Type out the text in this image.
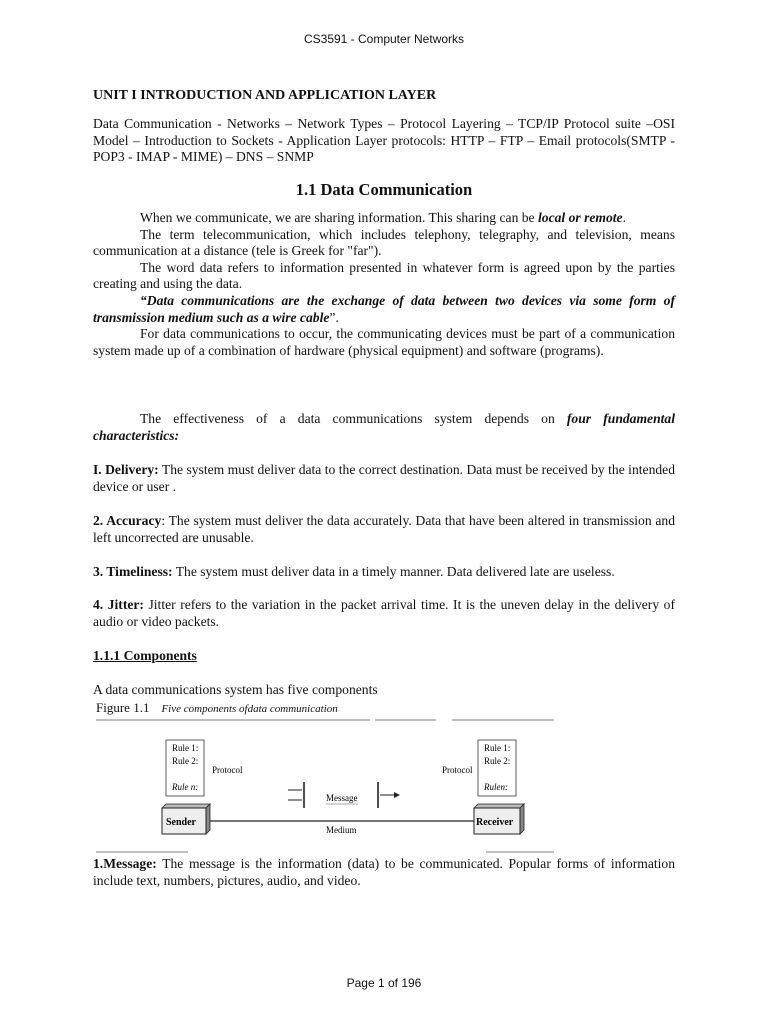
CS3591 - Computer Networks
UNIT I INTRODUCTION AND APPLICATION LAYER
Data Communication - Networks – Network Types – Protocol Layering – TCP/IP Protocol suite –OSI Model – Introduction to Sockets - Application Layer protocols: HTTP – FTP – Email protocols(SMTP - POP3 - IMAP - MIME) – DNS – SNMP
1.1 Data Communication

When we communicate, we are sharing information. This sharing can be local or remote.

The term telecommunication, which includes telephony, telegraphy, and television, means communication at a distance (tele is Greek for "far").

The word data refers to information presented in whatever form is agreed upon by the parties creating and using the data.

“Data communications are the exchange of data between two devices via some form of transmission medium such as a wire cable”.

For data communications to occur, the communicating devices must be part of a communication system made up of a combination of hardware (physical equipment) and software (programs).

The effectiveness of a data communications system depends on four fundamental characteristics:

I. Delivery: The system must deliver data to the correct destination. Data must be received by the intended device or user .
2. Accuracy: The system must deliver the data accurately. Data that have been altered in transmission and left uncorrected are unusable.
3. Timeliness: The system must deliver data in a timely manner. Data delivered late are useless.
4. Jitter: Jitter refers to the variation in the packet arrival time. It is the uneven delay in the delivery of audio or video packets.
1.1.1 Components
A data communications system has five components
Figure 1.1 Five components ofdata communication
Rule 1:
Rule 2:
Rule n:
Protocol
Rule 1:
Rule 2:
Rulen:
Protocol
Message
Medium
Sender	Receiver
1.Message: The message is the information (data) to be communicated. Popular forms of information include text, numbers, pictures, audio, and video.
Page 1 of 196
